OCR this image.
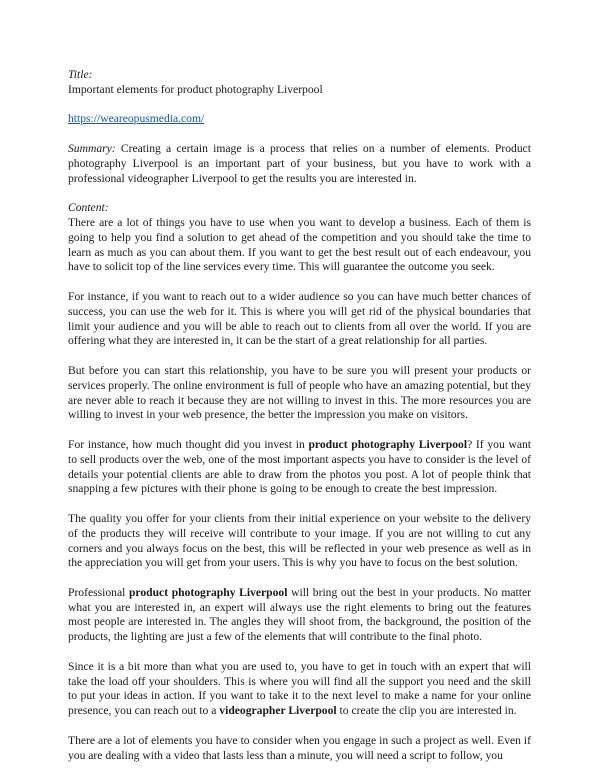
Title:
Important elements for product photography Liverpool
https://weareopusmedia.com/
Summary: Creating a certain image is a process that relies on a number of elements. Product photography Liverpool is an important part of your business, but you have to work with a professional videographer Liverpool to get the results you are interested in.
Content:
There are a lot of things you have to use when you want to develop a business. Each of them is going to help you find a solution to get ahead of the competition and you should take the time to learn as much as you can about them. If you want to get the best result out of each endeavour, you have to solicit top of the line services every time. This will guarantee the outcome you seek.
For instance, if you want to reach out to a wider audience so you can have much better chances of success, you can use the web for it. This is where you will get rid of the physical boundaries that limit your audience and you will be able to reach out to clients from all over the world. If you are offering what they are interested in, it can be the start of a great relationship for all parties.
But before you can start this relationship, you have to be sure you will present your products or services properly. The online environment is full of people who have an amazing potential, but they are never able to reach it because they are not willing to invest in this. The more resources you are willing to invest in your web presence, the better the impression you make on visitors.
For instance, how much thought did you invest in product photography Liverpool? If you want to sell products over the web, one of the most important aspects you have to consider is the level of details your potential clients are able to draw from the photos you post. A lot of people think that snapping a few pictures with their phone is going to be enough to create the best impression.
The quality you offer for your clients from their initial experience on your website to the delivery of the products they will receive will contribute to your image. If you are not willing to cut any corners and you always focus on the best, this will be reflected in your web presence as well as in the appreciation you will get from your users. This is why you have to focus on the best solution.
Professional product photography Liverpool will bring out the best in your products. No matter what you are interested in, an expert will always use the right elements to bring out the features most people are interested in. The angles they will shoot from, the background, the position of the products, the lighting are just a few of the elements that will contribute to the final photo.
Since it is a bit more than what you are used to, you have to get in touch with an expert that will take the load off your shoulders. This is where you will find all the support you need and the skill to put your ideas in action. If you want to take it to the next level to make a name for your online presence, you can reach out to a videographer Liverpool to create the clip you are interested in.
There are a lot of elements you have to consider when you engage in such a project as well. Even if you are dealing with a video that lasts less than a minute, you will need a script to follow, you
